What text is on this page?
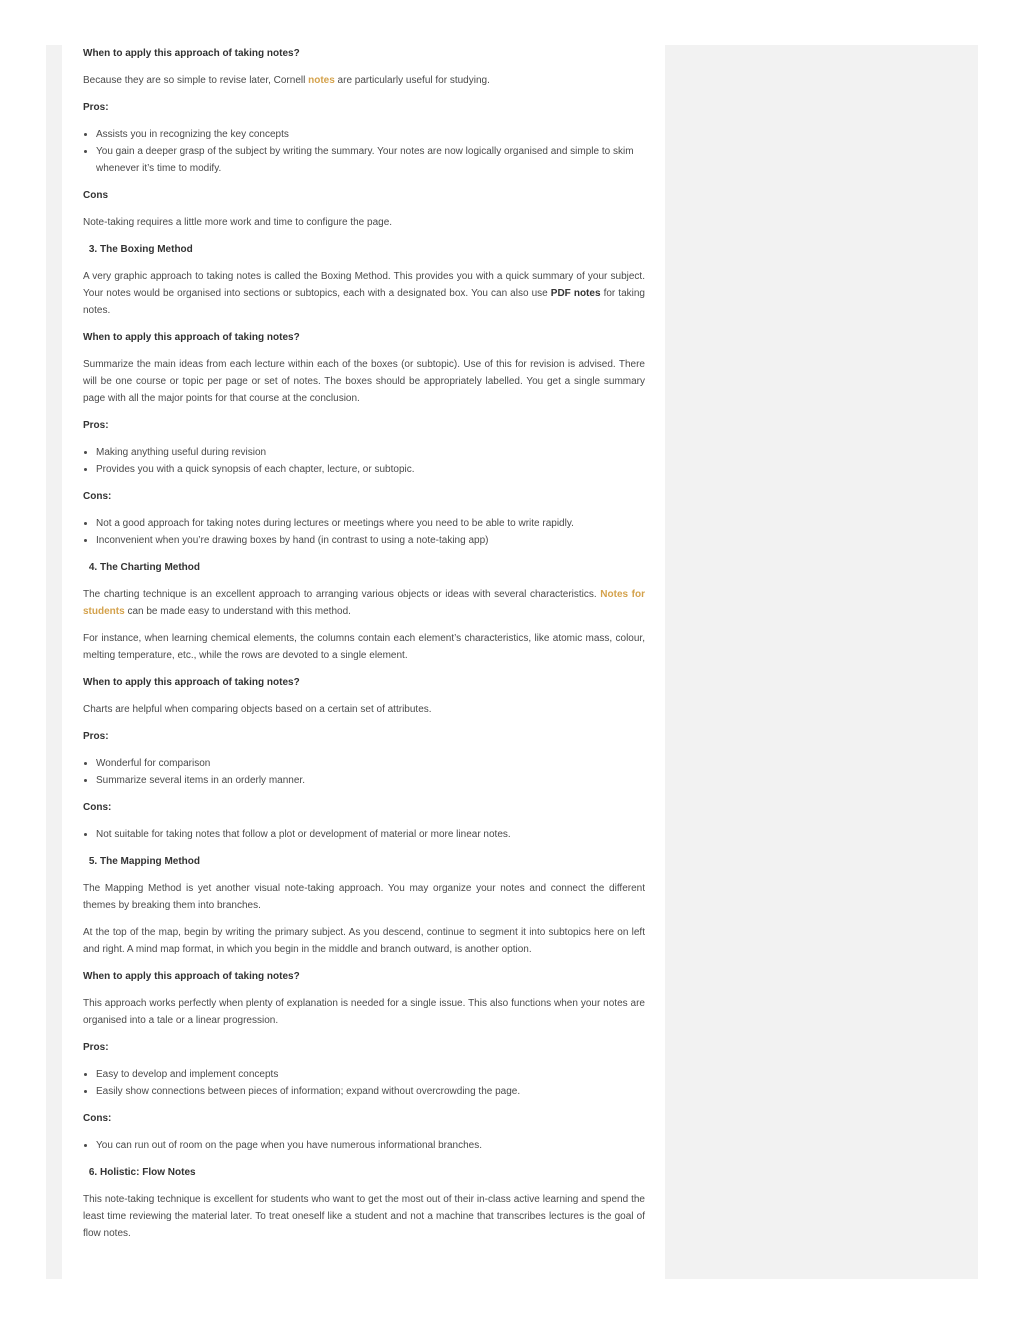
When to apply this approach of taking notes?

Because they are so simple to revise later, Cornell notes are particularly useful for studying.

Pros:

• Assists you in recognizing the key concepts
• You gain a deeper grasp of the subject by writing the summary. Your notes are now logically organised and simple to skim whenever it’s time to modify.

Cons

Note-taking requires a little more work and time to configure the page.

3. The Boxing Method

A very graphic approach to taking notes is called the Boxing Method. This provides you with a quick summary of your subject. Your notes would be organised into sections or subtopics, each with a designated box. You can also use PDF notes for taking notes.

When to apply this approach of taking notes?

Summarize the main ideas from each lecture within each of the boxes (or subtopic). Use of this for revision is advised. There will be one course or topic per page or set of notes. The boxes should be appropriately labelled. You get a single summary page with all the major points for that course at the conclusion.

Pros:

• Making anything useful during revision
• Provides you with a quick synopsis of each chapter, lecture, or subtopic.

Cons:

• Not a good approach for taking notes during lectures or meetings where you need to be able to write rapidly.
• Inconvenient when you’re drawing boxes by hand (in contrast to using a note-taking app)
4. The Charting Method

The charting technique is an excellent approach to arranging various objects or ideas with several characteristics. Notes for students can be made easy to understand with this method.

For instance, when learning chemical elements, the columns contain each element’s characteristics, like atomic mass, colour, melting temperature, etc., while the rows are devoted to a single element.

When to apply this approach of taking notes?

Charts are helpful when comparing objects based on a certain set of attributes.

Pros:

• Wonderful for comparison
• Summarize several items in an orderly manner.

Cons:

• Not suitable for taking notes that follow a plot or development of material or more linear notes.
5. The Mapping Method

The Mapping Method is yet another visual note-taking approach. You may organize your notes and connect the different themes by breaking them into branches.

At the top of the map, begin by writing the primary subject. As you descend, continue to segment it into subtopics here on left and right. A mind map format, in which you begin in the middle and branch outward, is another option.

When to apply this approach of taking notes?

This approach works perfectly when plenty of explanation is needed for a single issue. This also functions when your notes are organised into a tale or a linear progression.

Pros:

• Easy to develop and implement concepts
• Easily show connections between pieces of information; expand without overcrowding the page.

Cons:

• You can run out of room on the page when you have numerous informational branches.
6. Holistic: Flow Notes

This note-taking technique is excellent for students who want to get the most out of their in-class active learning and spend the least time reviewing the material later. To treat oneself like a student and not a machine that transcribes lectures is the goal of flow notes.
